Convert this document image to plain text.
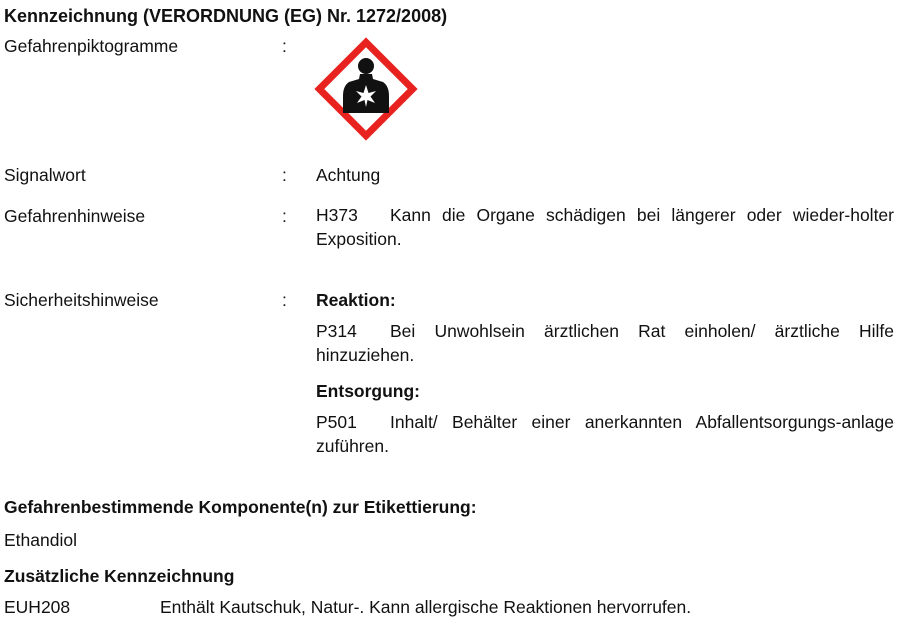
Kennzeichnung (VERORDNUNG (EG) Nr. 1272/2008)
Gefahrenpiktogramme	:
Signalwort	: Achtung
Gefahrenhinweise	: H373 Kann die Organe schädigen bei längerer oder wieder-holter Exposition.
Sicherheitshinweise	: Reaktion:
P314 Bei Unwohlsein ärztlichen Rat einholen/ ärztliche Hilfe hinzuziehen.
Entsorgung:
P501 Inhalt/ Behälter einer anerkannten Abfallentsorgungs-anlage zuführen.
Gefahrenbestimmende Komponente(n) zur Etikettierung:
Ethandiol
Zusätzliche Kennzeichnung
EUH208	Enthält Kautschuk, Natur-. Kann allergische Reaktionen hervorrufen.
